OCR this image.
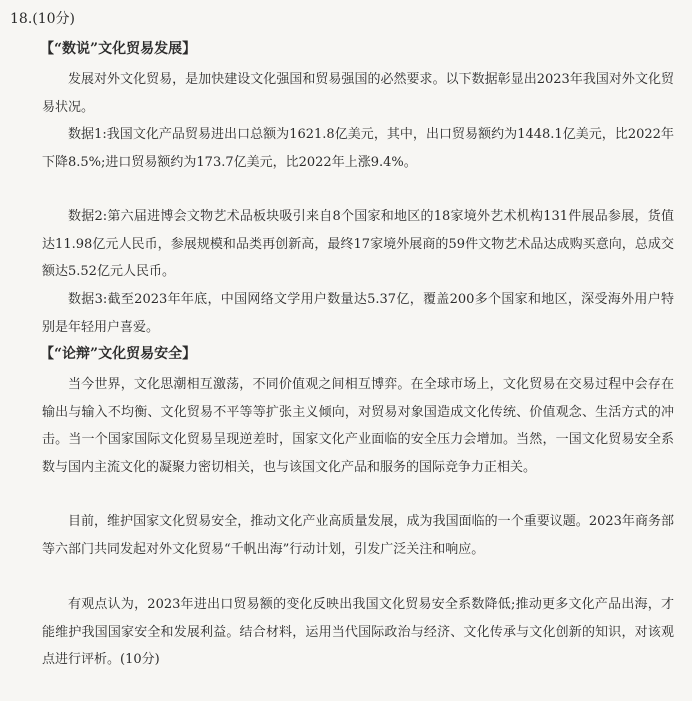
18.(10分)
【“数说”文化贸易发展】
发展对外文化贸易，是加快建设文化强国和贸易强国的必然要求。以下数据彰显出2023年我国对外文化贸易状况。
数据1:我国文化产品贸易进出口总额为1621.8亿美元，其中，出口贸易额约为1448.1亿美元，比2022年下降8.5%;进口贸易额约为173.7亿美元，比2022年上涨9.4%。
数据2:第六届进博会文物艺术品板块吸引来自8个国家和地区的18家境外艺术机构131件展品参展，货值达11.98亿元人民币，参展规模和品类再创新高，最终17家境外展商的59件文物艺术品达成购买意向，总成交额达5.52亿元人民币。
数据3:截至2023年年底，中国网络文学用户数量达5.37亿，覆盖200多个国家和地区，深受海外用户特别是年轻用户喜爱。
【“论辩”文化贸易安全】
当今世界，文化思潮相互激荡，不同价值观之间相互博弈。在全球市场上，文化贸易在交易过程中会存在输出与输入不均衡、文化贸易不平等等扩张主义倾向，对贸易对象国造成文化传统、价值观念、生活方式的冲击。当一个国家国际文化贸易呈现逆差时，国家文化产业面临的安全压力会增加。当然，一国文化贸易安全系数与国内主流文化的凝聚力密切相关，也与该国文化产品和服务的国际竞争力正相关。
目前，维护国家文化贸易安全，推动文化产业高质量发展，成为我国面临的一个重要议题。2023年商务部等六部门共同发起对外文化贸易“千帆出海”行动计划，引发广泛关注和响应。
有观点认为，2023年进出口贸易额的变化反映出我国文化贸易安全系数降低;推动更多文化产品出海，才能维护我国国家安全和发展利益。结合材料，运用当代国际政治与经济、文化传承与文化创新的知识，对该观点进行评析。(10分)
